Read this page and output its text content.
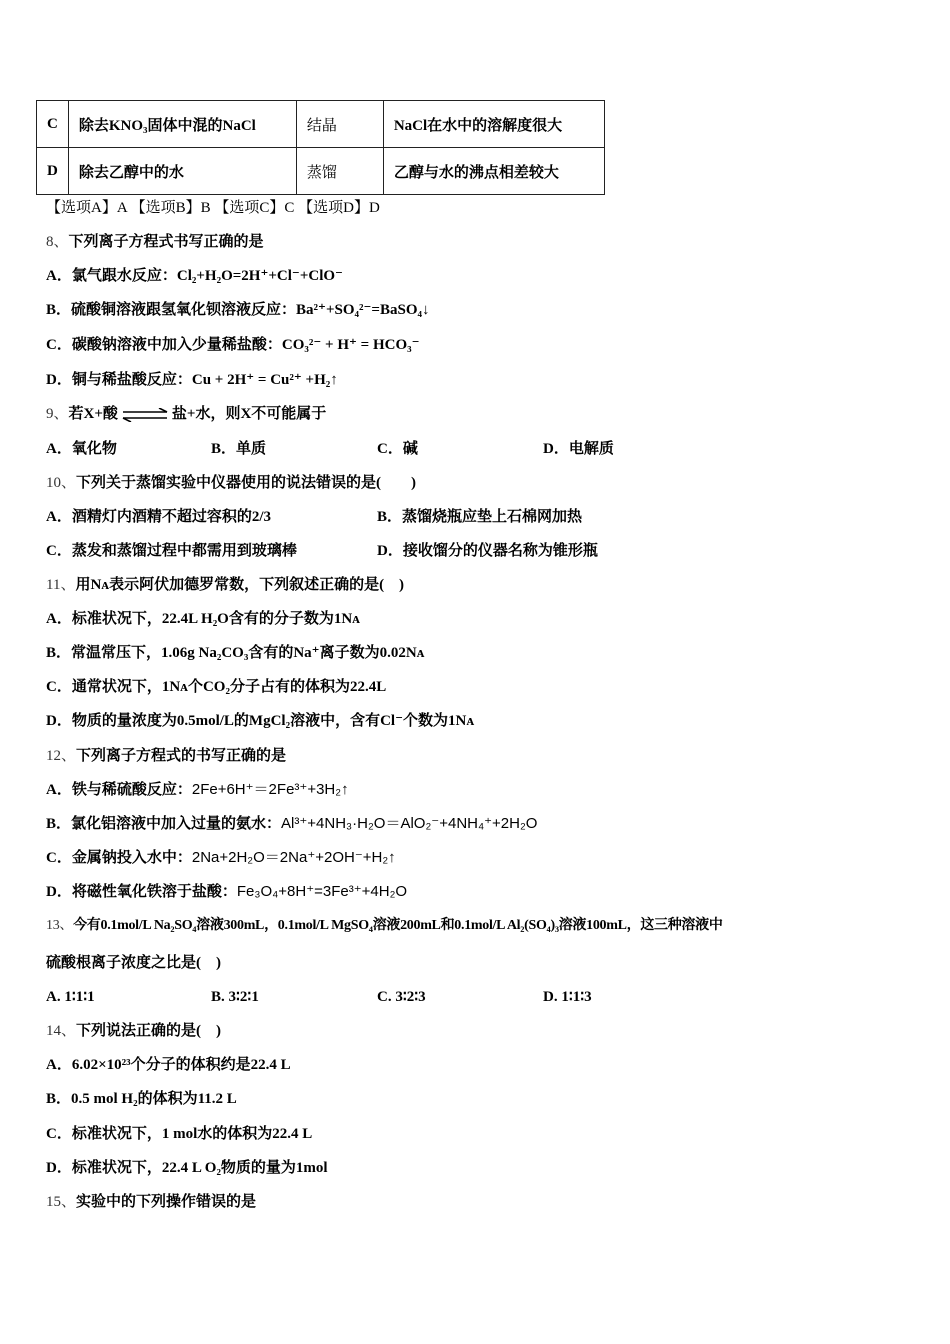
C	除去KNO₃固体中混的NaCl	结晶	NaCl在水中的溶解度很大
D	除去乙醇中的水	蒸馏	乙醇与水的沸点相差较大
【选项A】A 【选项B】B 【选项C】C 【选项D】D
8、下列离子方程式书写正确的是
A．氯气跟水反应：Cl₂+H₂O=2H⁺+Cl⁻+ClO⁻
B．硫酸铜溶液跟氢氧化钡溶液反应：Ba²⁺+SO₄²⁻=BaSO₄↓
C．碳酸钠溶液中加入少量稀盐酸：CO₃²⁻ + H⁺ = HCO₃⁻
D．铜与稀盐酸反应：Cu + 2H⁺ = Cu²⁺ +H₂↑
9、若X+酸	盐+水，则X不可能属于
A．氧化物	B．单质	C．碱	D．电解质
10、下列关于蒸馏实验中仪器使用的说法错误的是(　　)
A．酒精灯内酒精不超过容积的2/3	B．蒸馏烧瓶应垫上石棉网加热
C．蒸发和蒸馏过程中都需用到玻璃棒	D．接收馏分的仪器名称为锥形瓶
11、用Nᴀ表示阿伏加德罗常数，下列叙述正确的是(　)
A．标准状况下，22.4L H₂O含有的分子数为1Nᴀ
B．常温常压下，1.06g Na₂CO₃含有的Na⁺离子数为0.02Nᴀ
C．通常状况下，1Nᴀ个CO₂分子占有的体积为22.4L
D．物质的量浓度为0.5mol/L的MgCl₂溶液中，含有Cl⁻个数为1Nᴀ
12、下列离子方程式的书写正确的是
A．铁与稀硫酸反应：2Fe+6H⁺＝2Fe³⁺+3H₂↑
B．氯化铝溶液中加入过量的氨水：Al³⁺+4NH₃·H₂O＝AlO₂⁻+4NH₄⁺+2H₂O
C．金属钠投入水中：2Na+2H₂O＝2Na⁺+2OH⁻+H₂↑
D．将磁性氧化铁溶于盐酸：Fe₃O₄+8H⁺=3Fe³⁺+4H₂O
13、今有0.1mol/L Na₂SO₄溶液300mL，0.1mol/L MgSO₄溶液200mL和0.1mol/L Al₂(SO₄)₃溶液100mL，这三种溶液中
硫酸根离子浓度之比是(　)
A. 1∶1∶1	B. 3∶2∶1	C. 3∶2∶3	D. 1∶1∶3
14、下列说法正确的是(　)
A．6.02×10²³个分子的体积约是22.4 L
B．0.5 mol H₂的体积为11.2 L
C．标准状况下，1 mol水的体积为22.4 L
D．标准状况下，22.4 L O₂物质的量为1mol
15、实验中的下列操作错误的是
